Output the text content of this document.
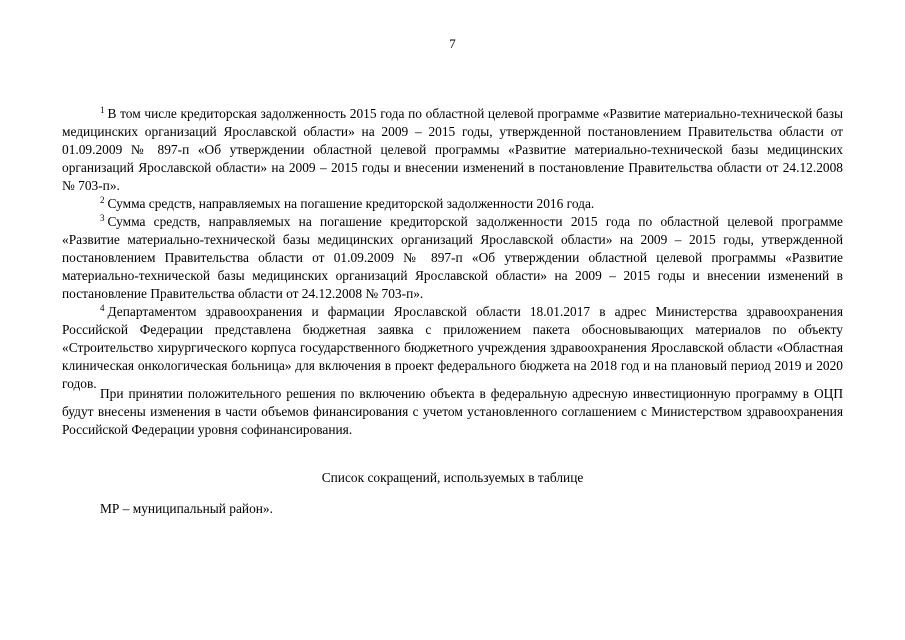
7

$^1$ В том числе кредиторская задолженность 2015 года по областной целевой программе «Развитие материально-технической базы медицинских организаций Ярославской области» на 2009 – 2015 годы, утвержденной постановлением Правительства области от 01.09.2009 № 897-п «Об утверждении областной целевой программы «Развитие материально-технической базы медицинских организаций Ярославской области» на 2009 – 2015 годы и внесении изменений в постановление Правительства области от 24.12.2008 № 703-п».

$^2$ Сумма средств, направляемых на погашение кредиторской задолженности 2016 года.

$^3$ Сумма средств, направляемых на погашение кредиторской задолженности 2015 года по областной целевой программе «Развитие материально-технической базы медицинских организаций Ярославской области» на 2009 – 2015 годы, утвержденной постановлением Правительства области от 01.09.2009 № 897-п «Об утверждении областной целевой программы «Развитие материально-технической базы медицинских организаций Ярославской области» на 2009 – 2015 годы и внесении изменений в постановление Правительства области от 24.12.2008 № 703-п».

$^4$ Департаментом здравоохранения и фармации Ярославской области 18.01.2017 в адрес Министерства здравоохранения Российской Федерации представлена бюджетная заявка с приложением пакета обосновывающих материалов по объекту «Строительство хирургического корпуса государственного бюджетного учреждения здравоохранения Ярославской области «Областная клиническая онкологическая больница» для включения в проект федерального бюджета на 2018 год и на плановый период 2019 и 2020 годов.

При принятии положительного решения по включению объекта в федеральную адресную инвестиционную программу в ОЦП будут внесены изменения в части объемов финансирования с учетом установленного соглашением с Министерством здравоохранения Российской Федерации уровня софинансирования.

Список сокращений, используемых в таблице
МР – муниципальный район».
